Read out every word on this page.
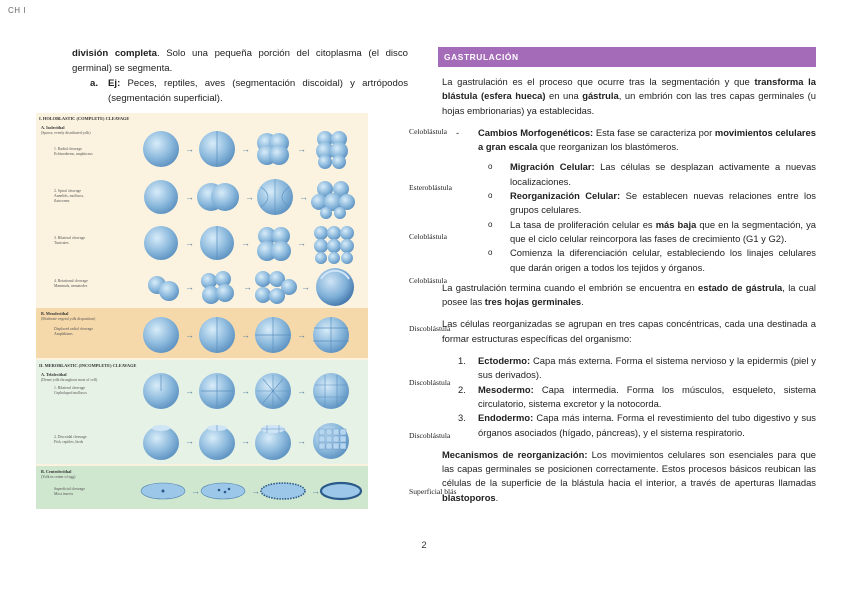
CH I
división completa. Solo una pequeña porción del citoplasma (el disco germinal) se segmenta.
a.	Ej: Peces, reptiles, aves (segmentación discoidal) y artrópodos (segmentación superficial).
I. HOLOBLASTIC (COMPLETE) CLEAVAGE
A. Isolecithal
(Sparse, evenly distributed yolk)
B. Mesolecithal
(Moderate vegetal yolk disposition)
II. MEROBLASTIC (INCOMPLETE) CLEAVAGE
A. Telolecithal
(Dense yolk throughout most of cell)
B. Centrolecithal
(Yolk in center of egg)
1. Radial cleavage
Echinoderms, amphioxus
2. Spiral cleavage
Annelids, molluscs,
flatworms
3. Bilateral cleavage
Tunicates
4. Rotational cleavage
Mammals, nematodes
Displaced radial cleavage
Amphibians
1. Bilateral cleavage
Cephalopod molluscs
2. Discoidal cleavage
Fish, reptiles, birds
Superficial cleavage
Most insects
→	→	→
→	→	→
→	→	→
→	→	→
→	→	→
→	→	→
→	→	→
→	→	→
Celoblástula
Esteroblástula
Celoblástula
Celoblástula
Discoblástula
Discoblástula
Discoblástula
Superficial blás
GASTRULACIÓN

La gastrulación es el proceso que ocurre tras la segmentación y que transforma la blástula (esfera hueca) en una gástrula, un embrión con las tres capas germinales (u hojas embrionarias) ya establecidas.

-	Cambios Morfogenéticos: Esta fase se caracteriza por movimientos celulares a gran escala que reorganizan los blastómeros.
o	Migración Celular: Las células se desplazan activamente a nuevas localizaciones.
o	Reorganización Celular: Se establecen nuevas relaciones entre los grupos celulares.
o	La tasa de proliferación celular es más baja que en la segmentación, ya que el ciclo celular reincorpora las fases de crecimiento (G1 y G2).
o	Comienza la diferenciación celular, estableciendo los linajes celulares que darán origen a todos los tejidos y órganos.

La gastrulación termina cuando el embrión se encuentra en estado de gástrula, la cual posee las tres hojas germinales.

Las células reorganizadas se agrupan en tres capas concéntricas, cada una destinada a formar estructuras específicas del organismo:

1.	Ectodermo: Capa más externa. Forma el sistema nervioso y la epidermis (piel y sus derivados).
2.	Mesodermo: Capa intermedia. Forma los músculos, esqueleto, sistema circulatorio, sistema excretor y la notocorda.
3.	Endodermo: Capa más interna. Forma el revestimiento del tubo digestivo y sus órganos asociados (hígado, páncreas), y el sistema respiratorio.

Mecanismos de reorganización: Los movimientos celulares son esenciales para que las capas germinales se posicionen correctamente. Estos procesos básicos reubican las células de la superficie de la blástula hacia el interior, a través de aperturas llamadas blastoporos.

2
